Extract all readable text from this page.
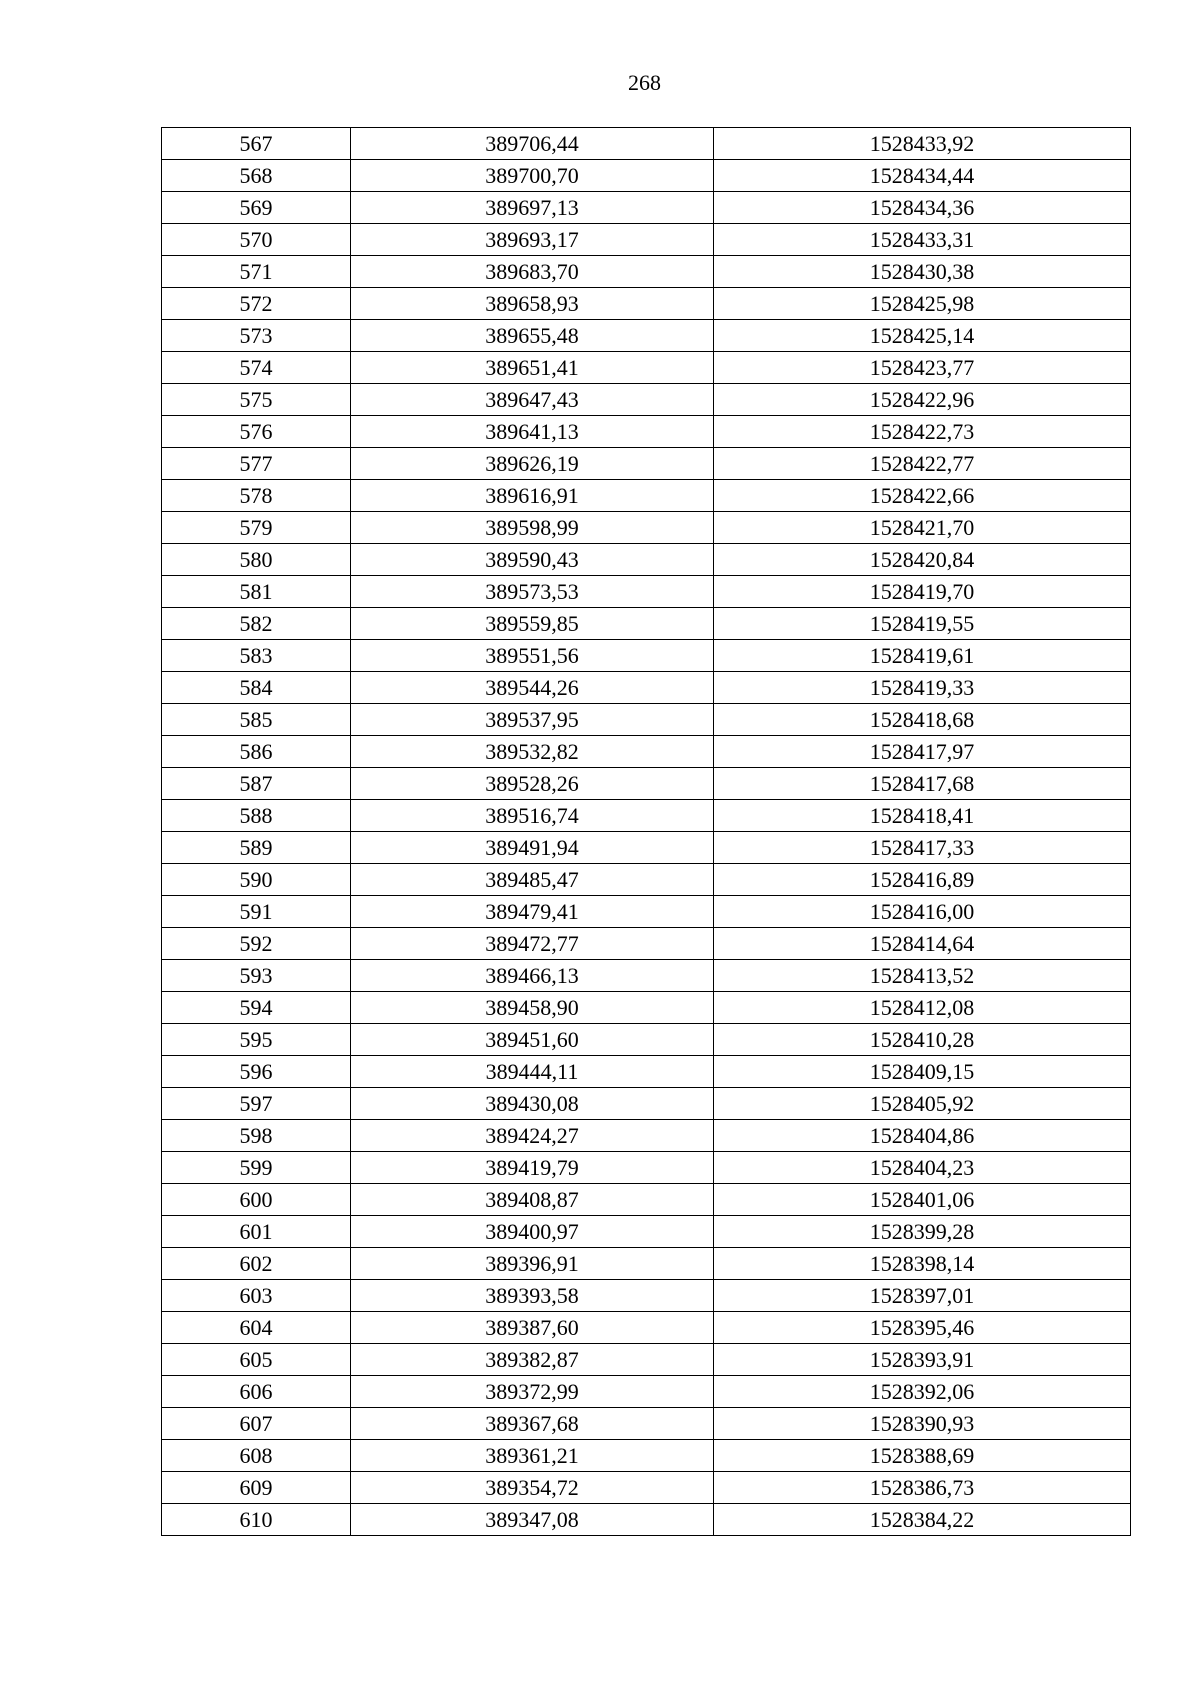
268
567	389706,44	1528433,92
568	389700,70	1528434,44
569	389697,13	1528434,36
570	389693,17	1528433,31
571	389683,70	1528430,38
572	389658,93	1528425,98
573	389655,48	1528425,14
574	389651,41	1528423,77
575	389647,43	1528422,96
576	389641,13	1528422,73
577	389626,19	1528422,77
578	389616,91	1528422,66
579	389598,99	1528421,70
580	389590,43	1528420,84
581	389573,53	1528419,70
582	389559,85	1528419,55
583	389551,56	1528419,61
584	389544,26	1528419,33
585	389537,95	1528418,68
586	389532,82	1528417,97
587	389528,26	1528417,68
588	389516,74	1528418,41
589	389491,94	1528417,33
590	389485,47	1528416,89
591	389479,41	1528416,00
592	389472,77	1528414,64
593	389466,13	1528413,52
594	389458,90	1528412,08
595	389451,60	1528410,28
596	389444,11	1528409,15
597	389430,08	1528405,92
598	389424,27	1528404,86
599	389419,79	1528404,23
600	389408,87	1528401,06
601	389400,97	1528399,28
602	389396,91	1528398,14
603	389393,58	1528397,01
604	389387,60	1528395,46
605	389382,87	1528393,91
606	389372,99	1528392,06
607	389367,68	1528390,93
608	389361,21	1528388,69
609	389354,72	1528386,73
610	389347,08	1528384,22
